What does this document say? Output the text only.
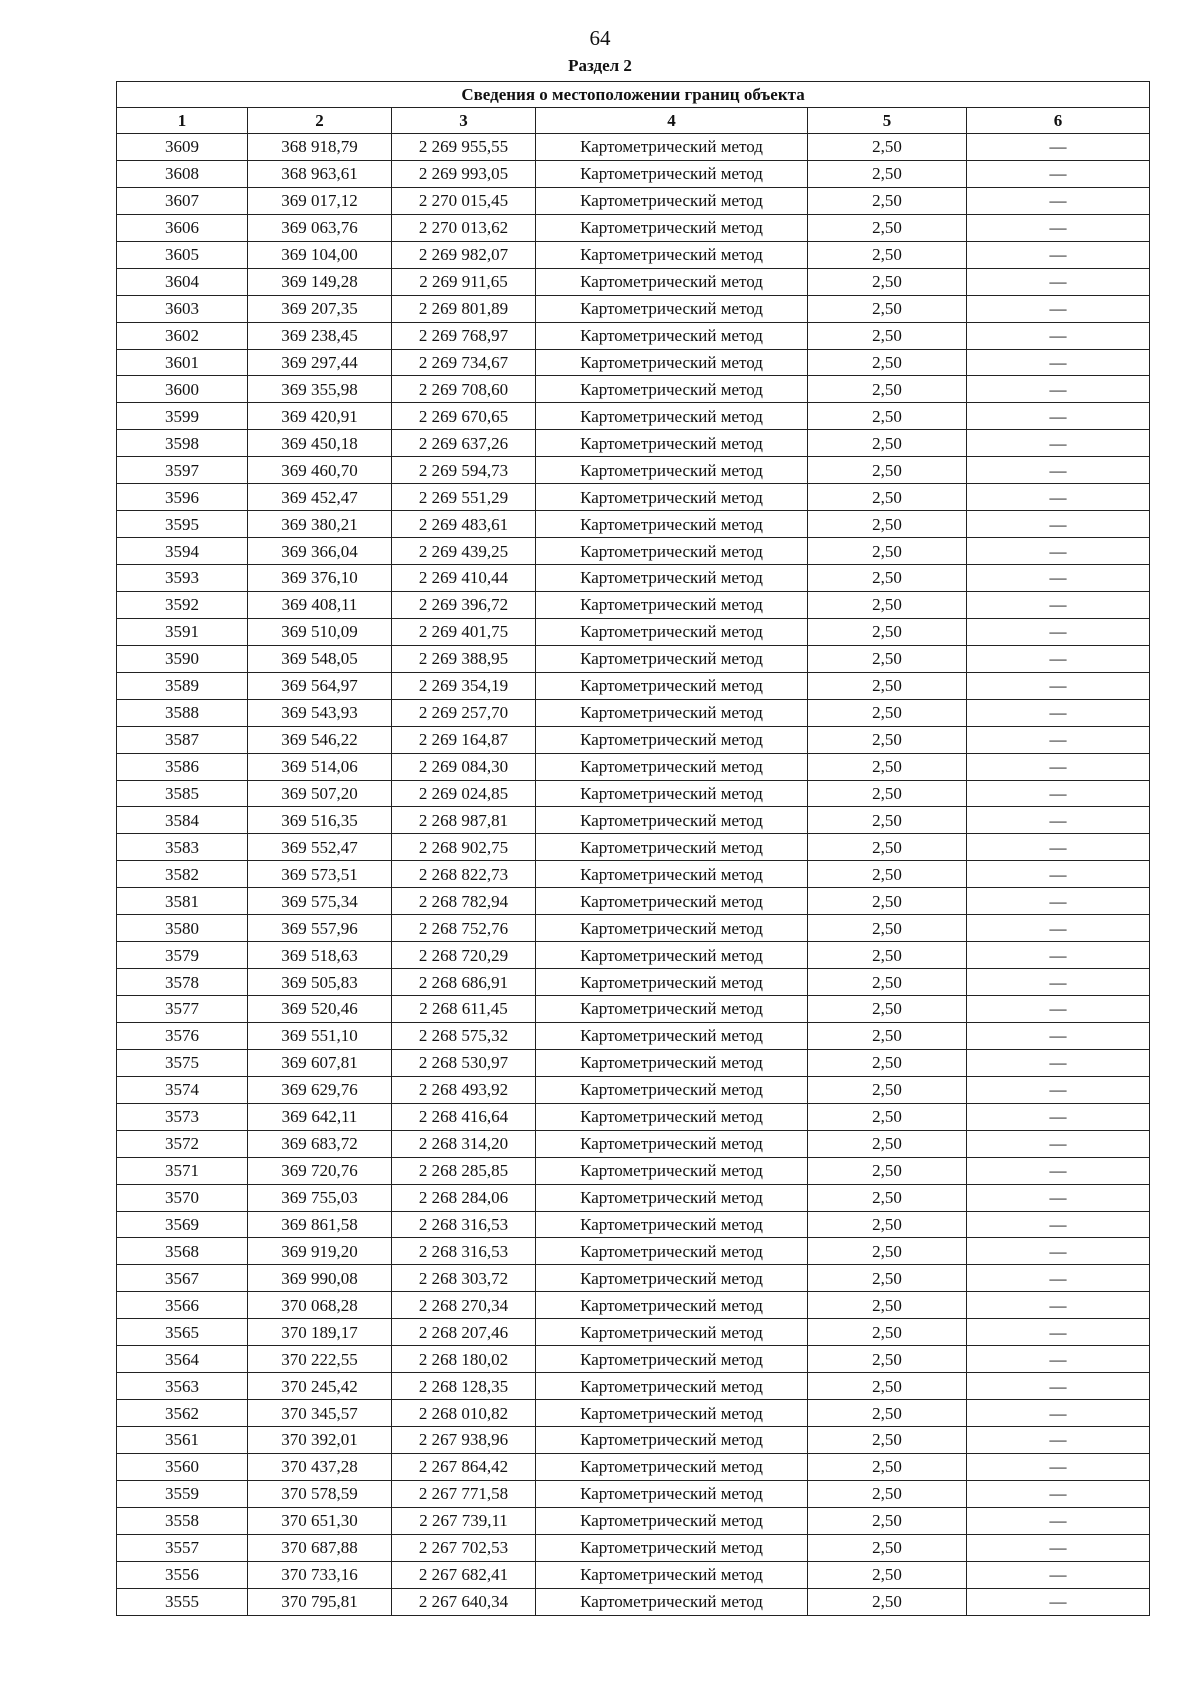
64
Раздел 2
Сведения о местоположении границ объекта					
1	2	3	4	5	6
3609	368 918,79	2 269 955,55	Картометрический метод	2,50	—
3608	368 963,61	2 269 993,05	Картометрический метод	2,50	—
3607	369 017,12	2 270 015,45	Картометрический метод	2,50	—
3606	369 063,76	2 270 013,62	Картометрический метод	2,50	—
3605	369 104,00	2 269 982,07	Картометрический метод	2,50	—
3604	369 149,28	2 269 911,65	Картометрический метод	2,50	—
3603	369 207,35	2 269 801,89	Картометрический метод	2,50	—
3602	369 238,45	2 269 768,97	Картометрический метод	2,50	—
3601	369 297,44	2 269 734,67	Картометрический метод	2,50	—
3600	369 355,98	2 269 708,60	Картометрический метод	2,50	—
3599	369 420,91	2 269 670,65	Картометрический метод	2,50	—
3598	369 450,18	2 269 637,26	Картометрический метод	2,50	—
3597	369 460,70	2 269 594,73	Картометрический метод	2,50	—
3596	369 452,47	2 269 551,29	Картометрический метод	2,50	—
3595	369 380,21	2 269 483,61	Картометрический метод	2,50	—
3594	369 366,04	2 269 439,25	Картометрический метод	2,50	—
3593	369 376,10	2 269 410,44	Картометрический метод	2,50	—
3592	369 408,11	2 269 396,72	Картометрический метод	2,50	—
3591	369 510,09	2 269 401,75	Картометрический метод	2,50	—
3590	369 548,05	2 269 388,95	Картометрический метод	2,50	—
3589	369 564,97	2 269 354,19	Картометрический метод	2,50	—
3588	369 543,93	2 269 257,70	Картометрический метод	2,50	—
3587	369 546,22	2 269 164,87	Картометрический метод	2,50	—
3586	369 514,06	2 269 084,30	Картометрический метод	2,50	—
3585	369 507,20	2 269 024,85	Картометрический метод	2,50	—
3584	369 516,35	2 268 987,81	Картометрический метод	2,50	—
3583	369 552,47	2 268 902,75	Картометрический метод	2,50	—
3582	369 573,51	2 268 822,73	Картометрический метод	2,50	—
3581	369 575,34	2 268 782,94	Картометрический метод	2,50	—
3580	369 557,96	2 268 752,76	Картометрический метод	2,50	—
3579	369 518,63	2 268 720,29	Картометрический метод	2,50	—
3578	369 505,83	2 268 686,91	Картометрический метод	2,50	—
3577	369 520,46	2 268 611,45	Картометрический метод	2,50	—
3576	369 551,10	2 268 575,32	Картометрический метод	2,50	—
3575	369 607,81	2 268 530,97	Картометрический метод	2,50	—
3574	369 629,76	2 268 493,92	Картометрический метод	2,50	—
3573	369 642,11	2 268 416,64	Картометрический метод	2,50	—
3572	369 683,72	2 268 314,20	Картометрический метод	2,50	—
3571	369 720,76	2 268 285,85	Картометрический метод	2,50	—
3570	369 755,03	2 268 284,06	Картометрический метод	2,50	—
3569	369 861,58	2 268 316,53	Картометрический метод	2,50	—
3568	369 919,20	2 268 316,53	Картометрический метод	2,50	—
3567	369 990,08	2 268 303,72	Картометрический метод	2,50	—
3566	370 068,28	2 268 270,34	Картометрический метод	2,50	—
3565	370 189,17	2 268 207,46	Картометрический метод	2,50	—
3564	370 222,55	2 268 180,02	Картометрический метод	2,50	—
3563	370 245,42	2 268 128,35	Картометрический метод	2,50	—
3562	370 345,57	2 268 010,82	Картометрический метод	2,50	—
3561	370 392,01	2 267 938,96	Картометрический метод	2,50	—
3560	370 437,28	2 267 864,42	Картометрический метод	2,50	—
3559	370 578,59	2 267 771,58	Картометрический метод	2,50	—
3558	370 651,30	2 267 739,11	Картометрический метод	2,50	—
3557	370 687,88	2 267 702,53	Картометрический метод	2,50	—
3556	370 733,16	2 267 682,41	Картометрический метод	2,50	—
3555	370 795,81	2 267 640,34	Картометрический метод	2,50	—
